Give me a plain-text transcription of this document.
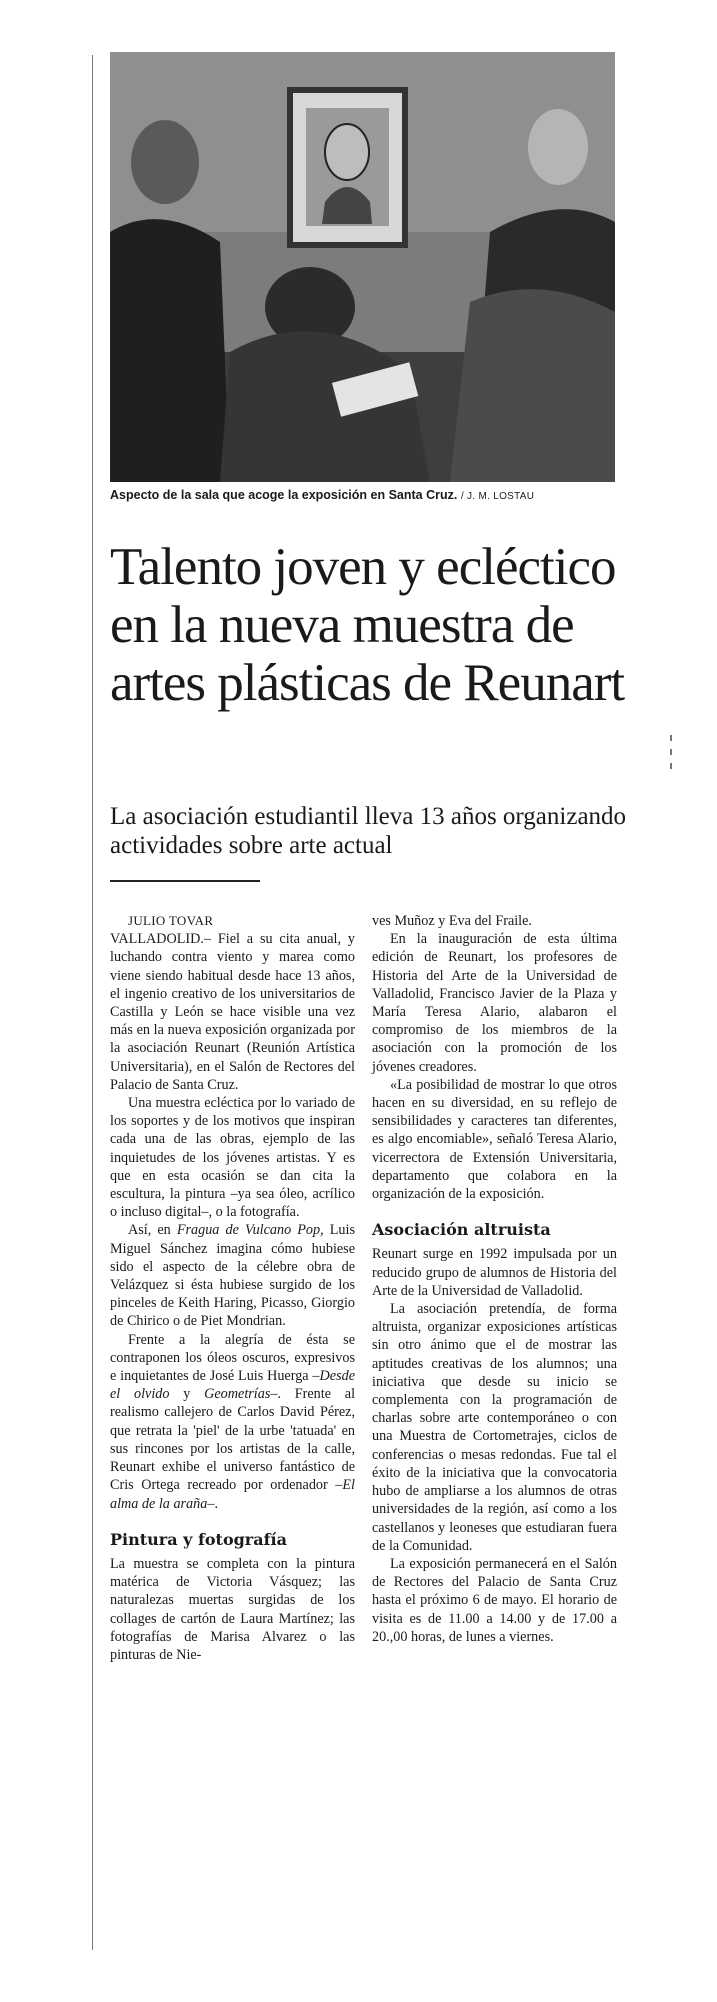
Aspecto de la sala que acoge la exposición en Santa Cruz. / J. M. LOSTAU
Talento joven y ecléctico en la nueva muestra de artes plásticas de Reunart
La asociación estudiantil lleva 13 años organizando actividades sobre arte actual

JULIO TOVAR

VALLADOLID.– Fiel a su cita anual, y luchando contra viento y marea como viene siendo habitual desde hace 13 años, el ingenio creativo de los universitarios de Castilla y León se hace visible una vez más en la nueva exposición organizada por la asociación Reunart (Reunión Artística Universitaria), en el Salón de Rectores del Palacio de Santa Cruz.

Una muestra ecléctica por lo variado de los soportes y de los motivos que inspiran cada una de las obras, ejemplo de las inquietudes de los jóvenes artistas. Y es que en esta ocasión se dan cita la escultura, la pintura –ya sea óleo, acrílico o incluso digital–, o la fotografía.

Así, en Fragua de Vulcano Pop, Luis Miguel Sánchez imagina cómo hubiese sido el aspecto de la célebre obra de Velázquez si ésta hubiese surgido de los pinceles de Keith Haring, Picasso, Giorgio de Chirico o de Piet Mondrian.

Frente a la alegría de ésta se contraponen los óleos oscuros, expresivos e inquietantes de José Luis Huerga –Desde el olvido y Geometrías–. Frente al realismo callejero de Carlos David Pérez, que retrata la 'piel' de la urbe 'tatuada' en sus rincones por los artistas de la calle, Reunart exhibe el universo fantástico de Cris Ortega recreado por ordenador –El alma de la araña–.

Pintura y fotografía

La muestra se completa con la pintura matérica de Victoria Vásquez; las naturalezas muertas surgidas de los collages de cartón de Laura Martínez; las fotografías de Marisa Alvarez o las pinturas de Nie-

ves Muñoz y Eva del Fraile.

En la inauguración de esta última edición de Reunart, los profesores de Historia del Arte de la Universidad de Valladolid, Francisco Javier de la Plaza y María Teresa Alario, alabaron el compromiso de los miembros de la asociación con la promoción de los jóvenes creadores.

«La posibilidad de mostrar lo que otros hacen en su diversidad, en su reflejo de sensibilidades y caracteres tan diferentes, es algo encomiable», señaló Teresa Alario, vicerrectora de Extensión Universitaria, departamento que colabora en la organización de la exposición.

Asociación altruista

Reunart surge en 1992 impulsada por un reducido grupo de alumnos de Historia del Arte de la Universidad de Valladolid.

La asociación pretendía, de forma altruista, organizar exposiciones artísticas sin otro ánimo que el de mostrar las aptitudes creativas de los alumnos; una iniciativa que desde su inicio se complementa con la programación de charlas sobre arte contemporáneo o con una Muestra de Cortometrajes, ciclos de conferencias o mesas redondas. Fue tal el éxito de la iniciativa que la convocatoria hubo de ampliarse a los alumnos de otras universidades de la región, así como a los castellanos y leoneses que estudiaran fuera de la Comunidad.

La exposición permanecerá en el Salón de Rectores del Palacio de Santa Cruz hasta el próximo 6 de mayo. El horario de visita es de 11.00 a 14.00 y de 17.00 a 20.,00 horas, de lunes a viernes.
